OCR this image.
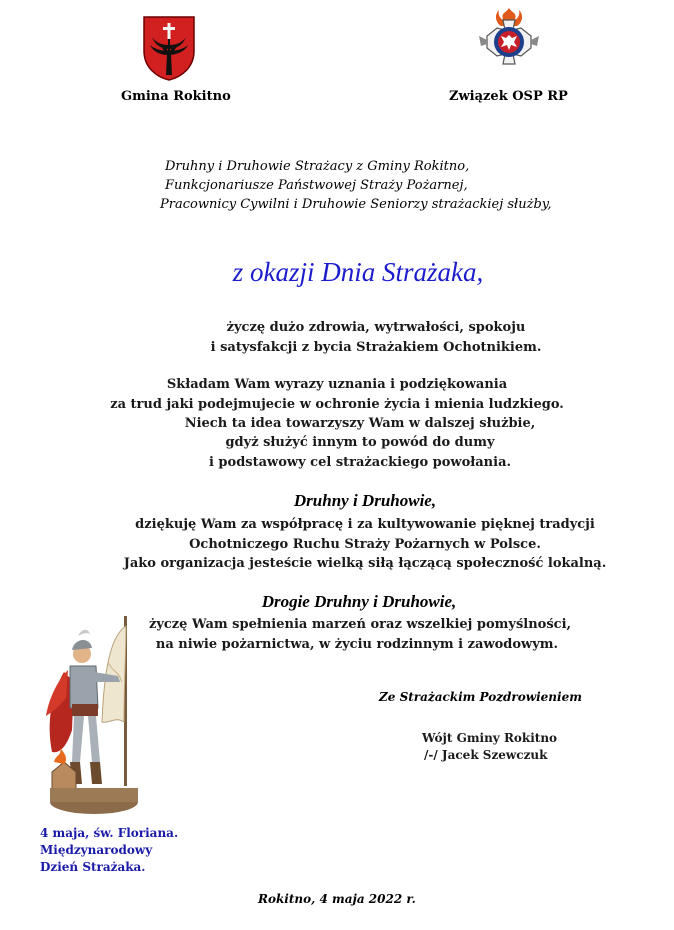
Gmina Rokitno	Związek OSP RP
Druhny i Druhowie Strażacy z Gminy Rokitno,
Funkcjonariusze Państwowej Straży Pożarnej,
Pracownicy Cywilni i Druhowie Seniorzy strażackiej służby,
z okazji Dnia Strażaka,
życzę dużo zdrowia, wytrwałości, spokoju
i satysfakcji z bycia Strażakiem Ochotnikiem.
Składam Wam wyrazy uznania i podziękowania
za trud jaki podejmujecie w ochronie życia i mienia ludzkiego.
Niech ta idea towarzyszy Wam w dalszej służbie,
gdyż służyć innym to powód do dumy
i podstawowy cel strażackiego powołania.
Druhny i Druhowie,
dziękuję Wam za współpracę i za kultywowanie pięknej tradycji
Ochotniczego Ruchu Straży Pożarnych w Polsce.
Jako organizacja jesteście wielką siłą łączącą społeczność lokalną.
Drogie Druhny i Druhowie,
życzę Wam spełnienia marzeń oraz wszelkiej pomyślności,
na niwie pożarnictwa, w życiu rodzinnym i zawodowym.
Ze Strażackim Pozdrowieniem
Wójt Gminy Rokitno
/-/ Jacek Szewczuk
4 maja, św. Floriana.
Międzynarodowy
Dzień Strażaka.
Rokitno, 4 maja 2022 r.
